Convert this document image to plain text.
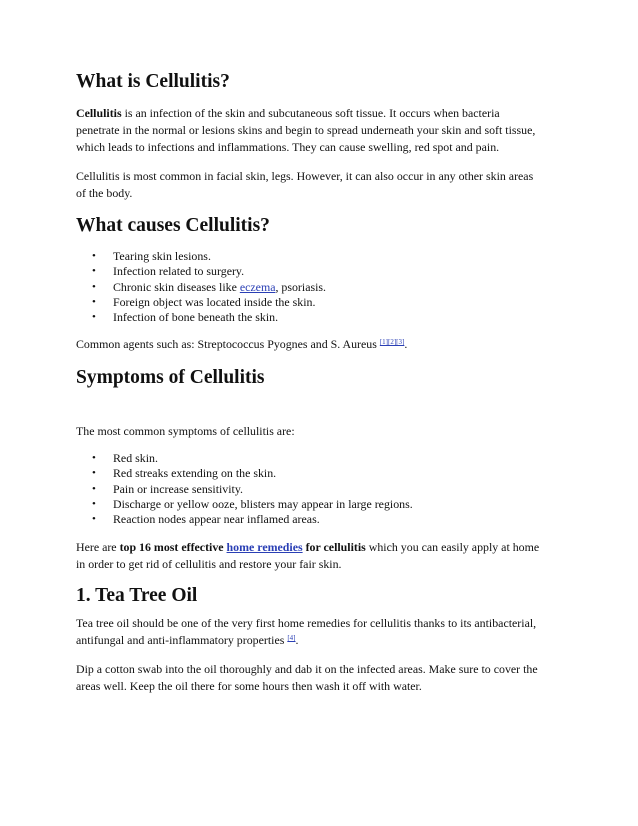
What is Cellulitis?

Cellulitis is an infection of the skin and subcutaneous soft tissue. It occurs when bacteria
penetrate in the normal or lesions skins and begin to spread underneath your skin and soft tissue,
which leads to infections and inflammations. They can cause swelling, red spot and pain.

Cellulitis is most common in facial skin, legs. However, it can also occur in any other skin areas
of the body.

What causes Cellulitis?
• Tearing skin lesions.
• Infection related to surgery.
• Chronic skin diseases like eczema, psoriasis.
• Foreign object was located inside the skin.
• Infection of bone beneath the skin.

Common agents such as: Streptococcus Pyognes and S. Aureus [1][2][3].

Symptoms of Cellulitis

The most common symptoms of cellulitis are:

• Red skin.
• Red streaks extending on the skin.
• Pain or increase sensitivity.
• Discharge or yellow ooze, blisters may appear in large regions.
• Reaction nodes appear near inflamed areas.

Here are top 16 most effective home remedies for cellulitis which you can easily apply at home
in order to get rid of cellulitis and restore your fair skin.

1. Tea Tree Oil

Tea tree oil should be one of the very first home remedies for cellulitis thanks to its antibacterial,
antifungal and anti-inflammatory properties [4].

Dip a cotton swab into the oil thoroughly and dab it on the infected areas. Make sure to cover the
areas well. Keep the oil there for some hours then wash it off with water.
